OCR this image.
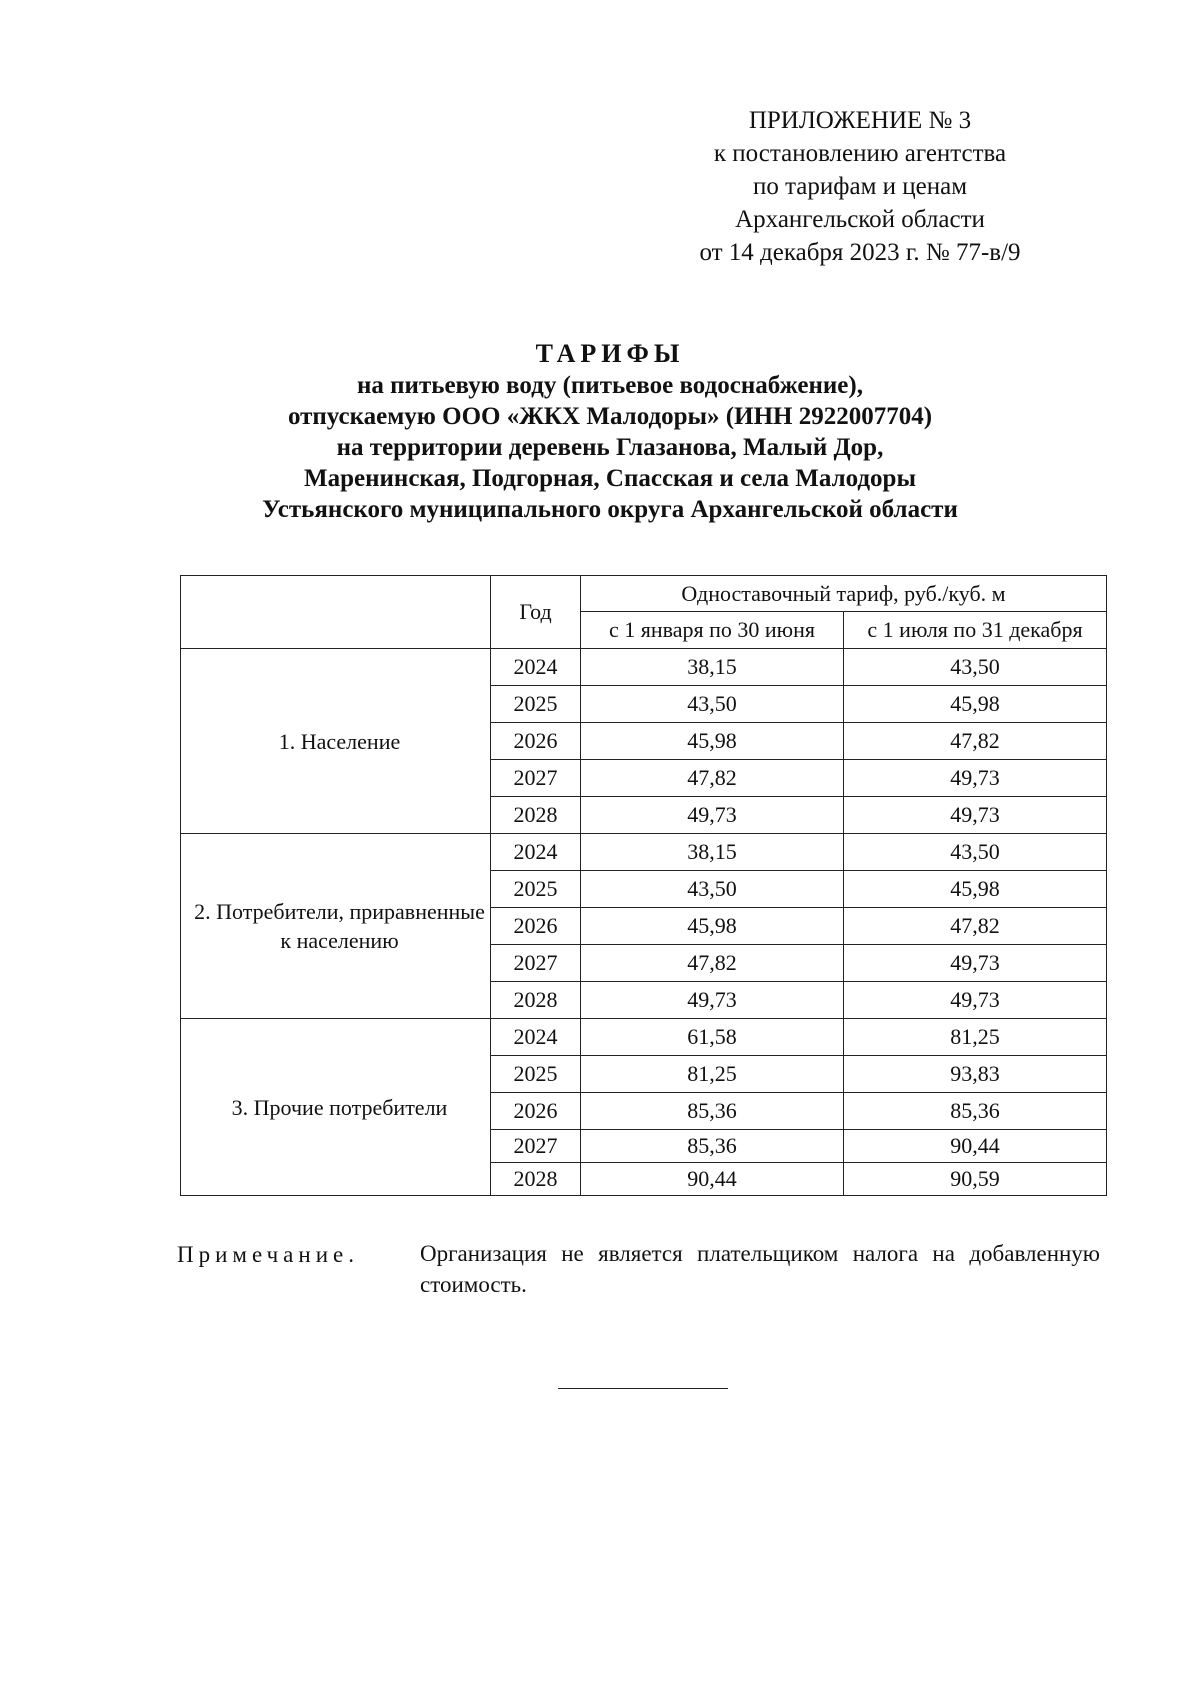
ПРИЛОЖЕНИЕ № 3
к постановлению агентства
по тарифам и ценам
Архангельской области
от 14 декабря 2023 г. № 77-в/9
ТАРИФЫ
на питьевую воду (питьевое водоснабжение),
отпускаемую ООО «ЖКХ Малодоры» (ИНН 2922007704)
на территории деревень Глазанова, Малый Дор,
Маренинская, Подгорная, Спасская и села Малодоры
Устьянского муниципального округа Архангельской области
	Год	Одноставочный тариф, руб./куб. м	
		с 1 января по 30 июня	с 1 июля по 31 декабря
1. Население	2024	38,15	43,50
	2025	43,50	45,98
	2026	45,98	47,82
	2027	47,82	49,73
	2028	49,73	49,73
2. Потребители, приравненные к населению	2024	38,15	43,50
	2025	43,50	45,98
	2026	45,98	47,82
	2027	47,82	49,73
	2028	49,73	49,73
3. Прочие потребители	2024	61,58	81,25
	2025	81,25	93,83
	2026	85,36	85,36
	2027	85,36	90,44
	2028	90,44	90,59
Примечание.	Организация не является плательщиком налога на добавленную стоимость.
